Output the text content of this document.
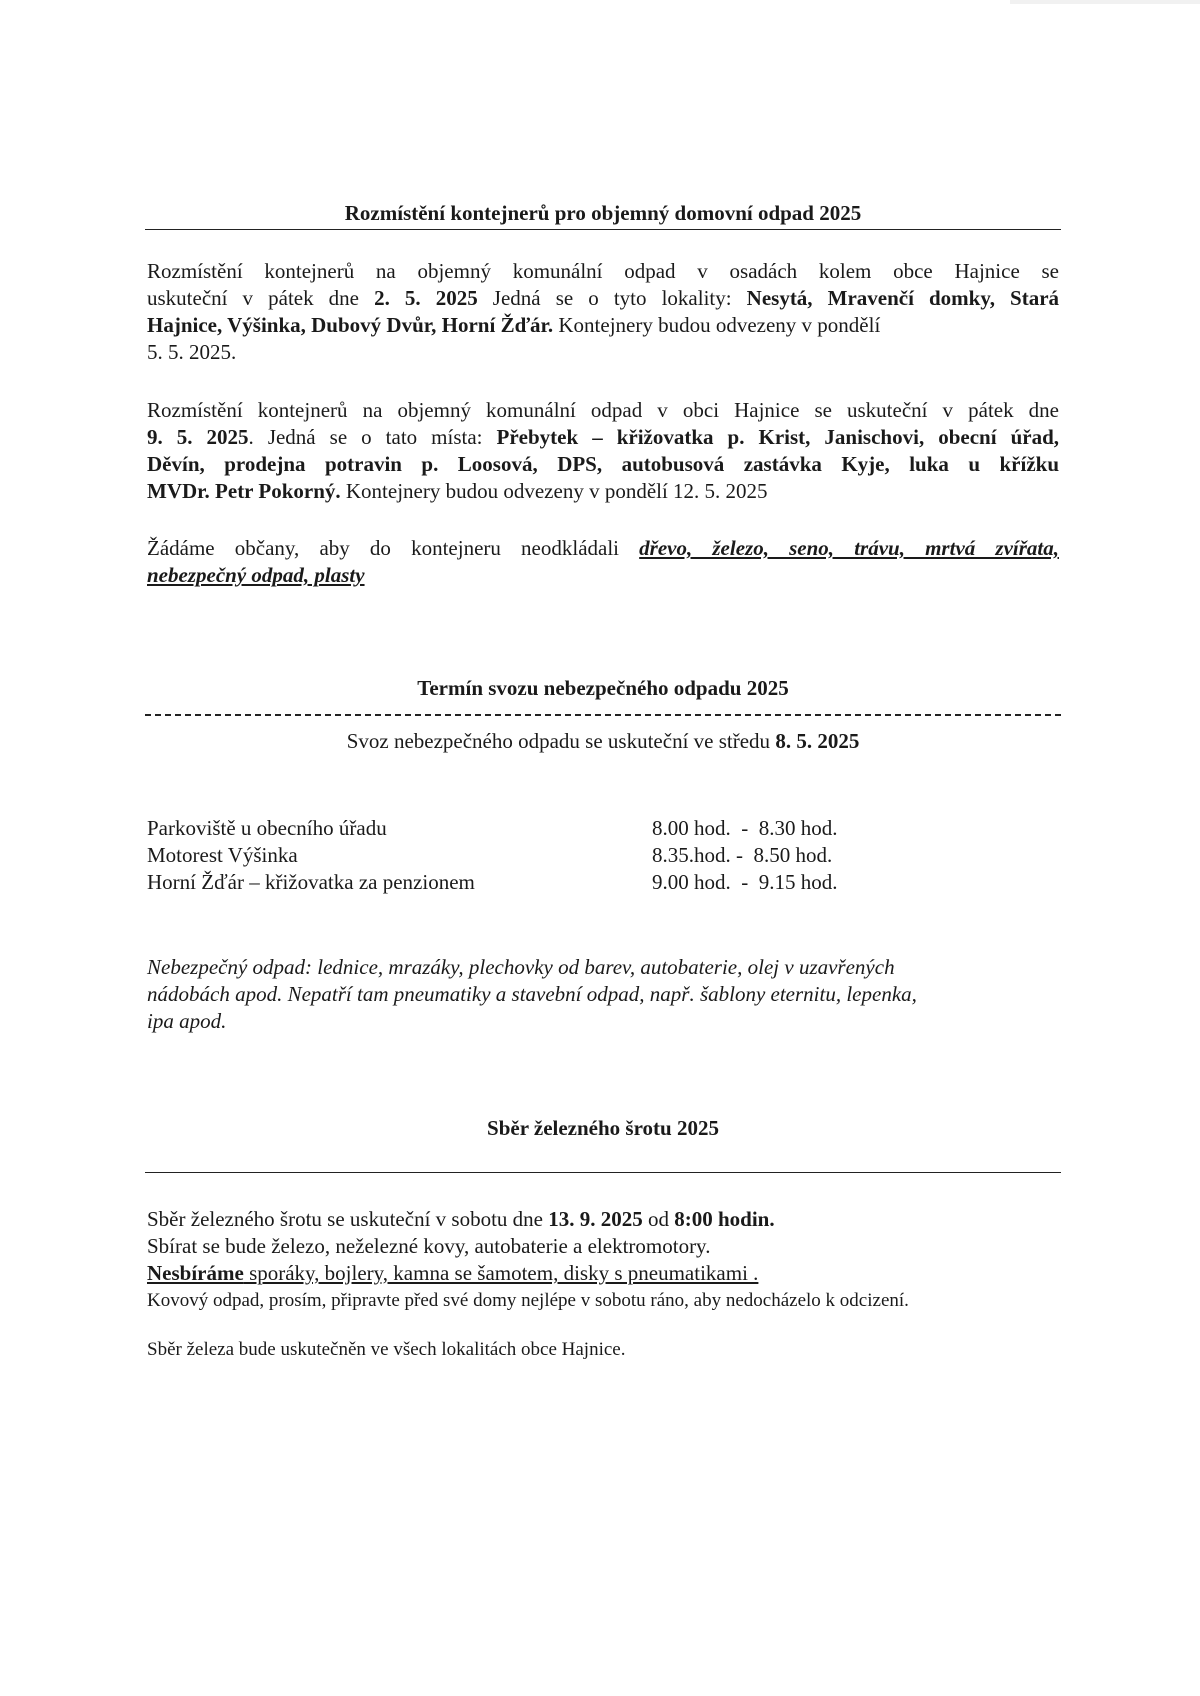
Rozmístění kontejnerů pro objemný domovní odpad 2025
Rozmístění kontejnerů na objemný komunální odpad v osadách kolem obce Hajnice se
uskuteční v pátek dne 2. 5. 2025 Jedná se o tyto lokality: Nesytá, Mravenčí domky, Stará
Hajnice, Výšinka, Dubový Dvůr, Horní Žďár. Kontejnery budou odvezeny v pondělí
5. 5. 2025.
Rozmístění kontejnerů na objemný komunální odpad v obci Hajnice se uskuteční v pátek dne
9. 5. 2025. Jedná se o tato místa: Přebytek – křižovatka p. Krist, Janischovi, obecní úřad,
Děvín, prodejna potravin p. Loosová, DPS, autobusová zastávka Kyje, luka u křížku
MVDr. Petr Pokorný. Kontejnery budou odvezeny v pondělí 12. 5. 2025
Žádáme občany, aby do kontejneru neodkládali dřevo, železo, seno, trávu, mrtvá zvířata,
nebezpečný odpad, plasty
Termín svozu nebezpečného odpadu 2025
Svoz nebezpečného odpadu se uskuteční ve středu 8. 5. 2025
Parkoviště u obecního úřadu	8.00 hod.  -  8.30 hod.
Motorest Výšinka	8.35.hod. -  8.50 hod.
Horní Žďár – křižovatka za penzionem	9.00 hod.  -  9.15 hod.
Nebezpečný odpad: lednice, mrazáky, plechovky od barev, autobaterie, olej v uzavřených
nádobách apod. Nepatří tam pneumatiky a stavební odpad, např. šablony eternitu, lepenka,
ipa apod.
Sběr železného šrotu 2025
Sběr železného šrotu se uskuteční v sobotu dne 13. 9. 2025 od 8:00 hodin.
Sbírat se bude železo, neželezné kovy, autobaterie a elektromotory.
Nesbíráme sporáky, bojlery, kamna se šamotem, disky s pneumatikami .
Kovový odpad, prosím, připravte před své domy nejlépe v sobotu ráno, aby nedocházelo k odcizení.
Sběr železa bude uskutečněn ve všech lokalitách obce Hajnice.
